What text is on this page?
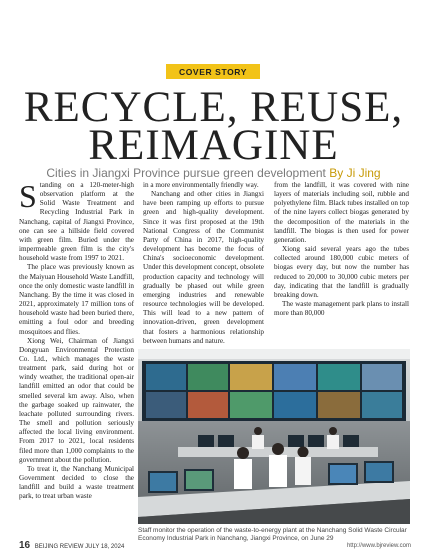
COVER STORY
RECYCLE, REUSE,
REIMAGINE
Cities in Jiangxi Province pursue green development By Ji Jing

Standing on a 120-meter-high observation platform at the Solid Waste Treatment and Recycling Industrial Park in Nanchang, capital of Jiangxi Province, one can see a hillside field covered with green film. Buried under the impermeable green film is the city's household waste from 1997 to 2021.

The place was previously known as the Maiyuan Household Waste Landfill, once the only domestic waste landfill in Nanchang. By the time it was closed in 2021, approximately 17 million tons of household waste had been buried there, emitting a foul odor and breeding mosquitoes and flies.

Xiong Wei, Chairman of Jiangxi Dongyuan Environmental Protection Co. Ltd., which manages the waste treatment park, said during hot or windy weather, the traditional open-air landfill emitted an odor that could be smelled several km away. Also, when the garbage soaked up rainwater, the leachate polluted surrounding rivers. The smell and pollution seriously affected the local living environment. From 2017 to 2021, local residents filed more than 1,000 complaints to the government about the pollution.

To treat it, the Nanchang Municipal Government decided to close the landfill and build a waste treatment park, to treat urban waste

in a more environmentally friendly way.

Nanchang and other cities in Jiangxi have been ramping up efforts to pursue green and high-quality development. Since it was first proposed at the 19th National Congress of the Communist Party of China in 2017, high-quality development has become the focus of China's socioeconomic development. Under this development concept, obsolete production capacity and technology will gradually be phased out while green emerging industries and renewable resource technologies will be developed. This will lead to a new pattern of innovation-driven, green development that fosters a harmonious relationship between humans and nature.

from the landfill, it was covered with nine layers of materials including soil, rubble and polyethylene film. Black tubes installed on top of the nine layers collect biogas generated by the decomposition of the materials in the landfill. The biogas is then used for power generation.

Xiong said several years ago the tubes collected around 180,000 cubic meters of biogas every day, but now the number has reduced to 20,000 to 30,000 cubic meters per day, indicating that the landfill is gradually breaking down.

The waste management park plans to install more than 80,000

Staff monitor the operation of the waste-to-energy plant at the Nanchang Solid Waste Circular Economy Industrial Park in Nanchang, Jiangxi Province, on June 29
16 BEIJING REVIEW JULY 18, 2024	http://www.bjreview.com
